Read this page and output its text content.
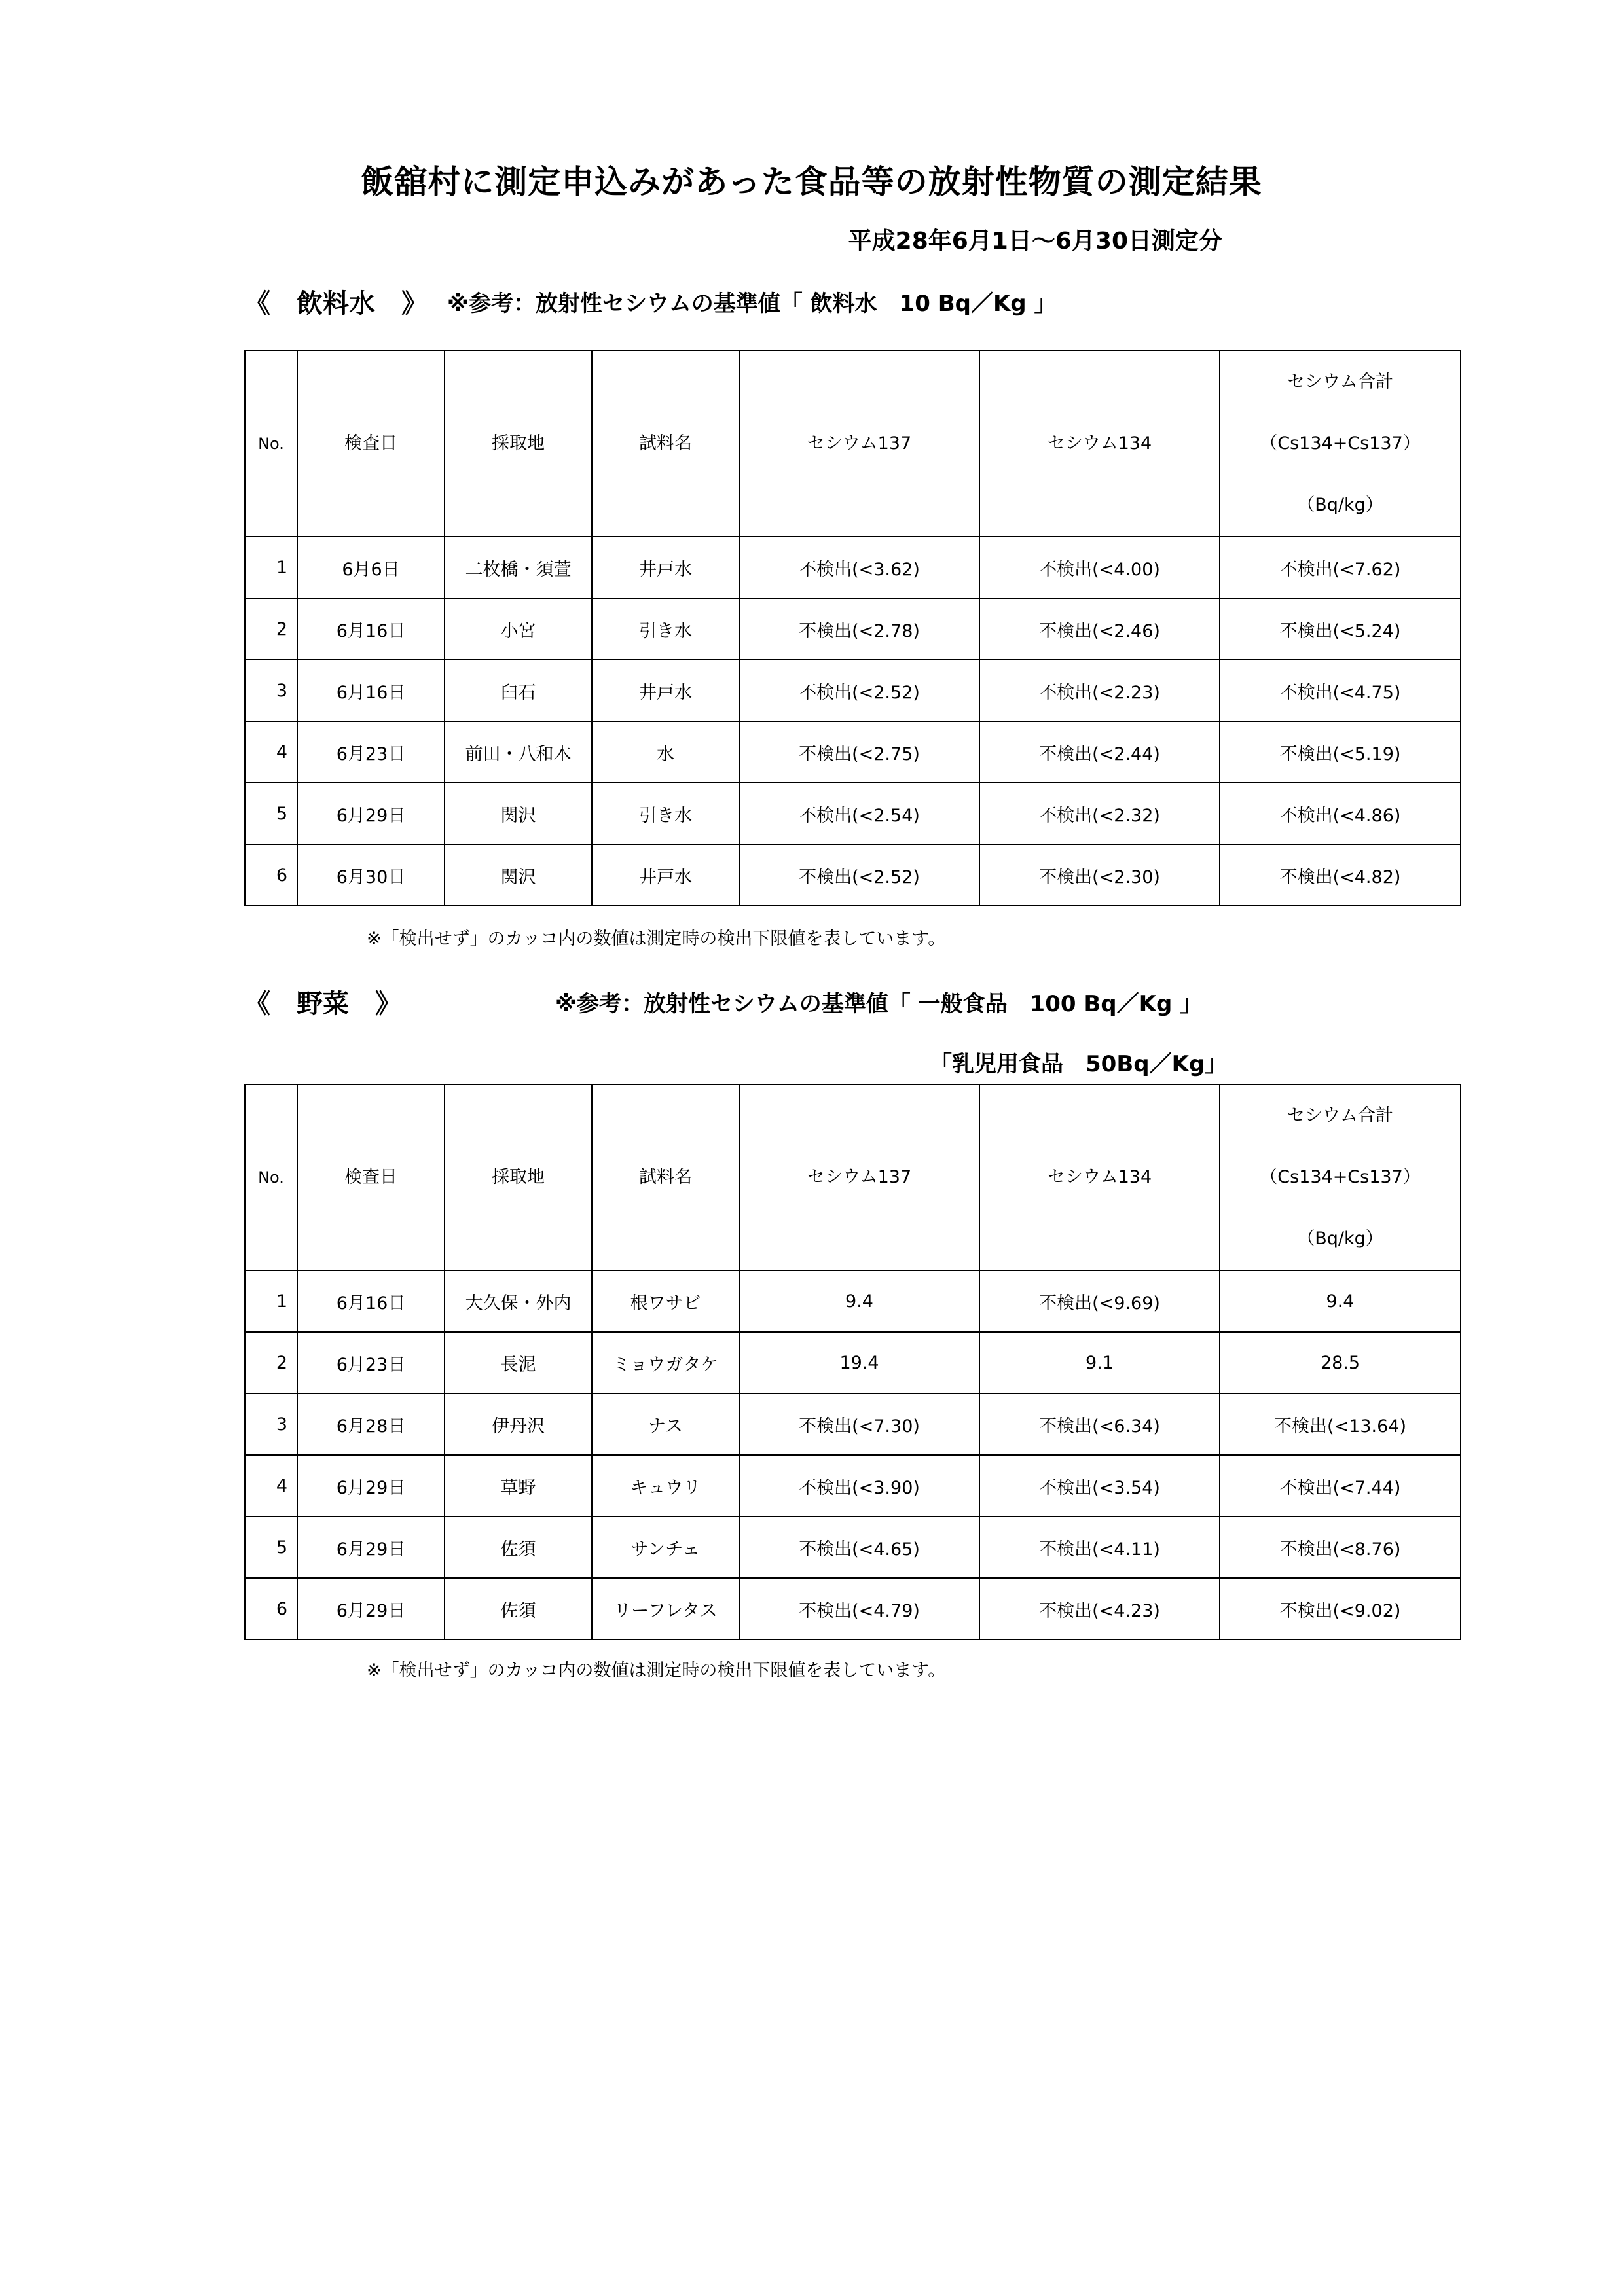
飯舘村に測定申込みがあった食品等の放射性物質の測定結果
平成28年6月1日～6月30日測定分
《　飲料水　》 ※参考：放射性セシウムの基準値「 飲料水　10 Bq／Kg 」
No.	検査日	採取地	試料名	セシウム137	セシウム134	セシウム合計
（Cs134+Cs137）
（Bq/kg）

1	6月6日	二枚橋・須萱	井戸水	不検出(<3.62)	不検出(<4.00)	不検出(<7.62)
2	6月16日	小宮	引き水	不検出(<2.78)	不検出(<2.46)	不検出(<5.24)
3	6月16日	臼石	井戸水	不検出(<2.52)	不検出(<2.23)	不検出(<4.75)
4	6月23日	前田・八和木	水	不検出(<2.75)	不検出(<2.44)	不検出(<5.19)
5	6月29日	関沢	引き水	不検出(<2.54)	不検出(<2.32)	不検出(<4.86)
6	6月30日	関沢	井戸水	不検出(<2.52)	不検出(<2.30)	不検出(<4.82)
※「検出せず」のカッコ内の数値は測定時の検出下限値を表しています。
《　野菜　》	※参考：放射性セシウムの基準値「 一般食品　100 Bq／Kg 」
「乳児用食品　50Bq／Kg」
No.	検査日	採取地	試料名	セシウム137	セシウム134	セシウム合計
（Cs134+Cs137）
（Bq/kg）

1	6月16日	大久保・外内	根ワサビ	9.4	不検出(<9.69)	9.4
2	6月23日	長泥	ミョウガタケ	19.4	9.1	28.5
3	6月28日	伊丹沢	ナス	不検出(<7.30)	不検出(<6.34)	不検出(<13.64)
4	6月29日	草野	キュウリ	不検出(<3.90)	不検出(<3.54)	不検出(<7.44)
5	6月29日	佐須	サンチェ	不検出(<4.65)	不検出(<4.11)	不検出(<8.76)
6	6月29日	佐須	リーフレタス	不検出(<4.79)	不検出(<4.23)	不検出(<9.02)
※「検出せず」のカッコ内の数値は測定時の検出下限値を表しています。
